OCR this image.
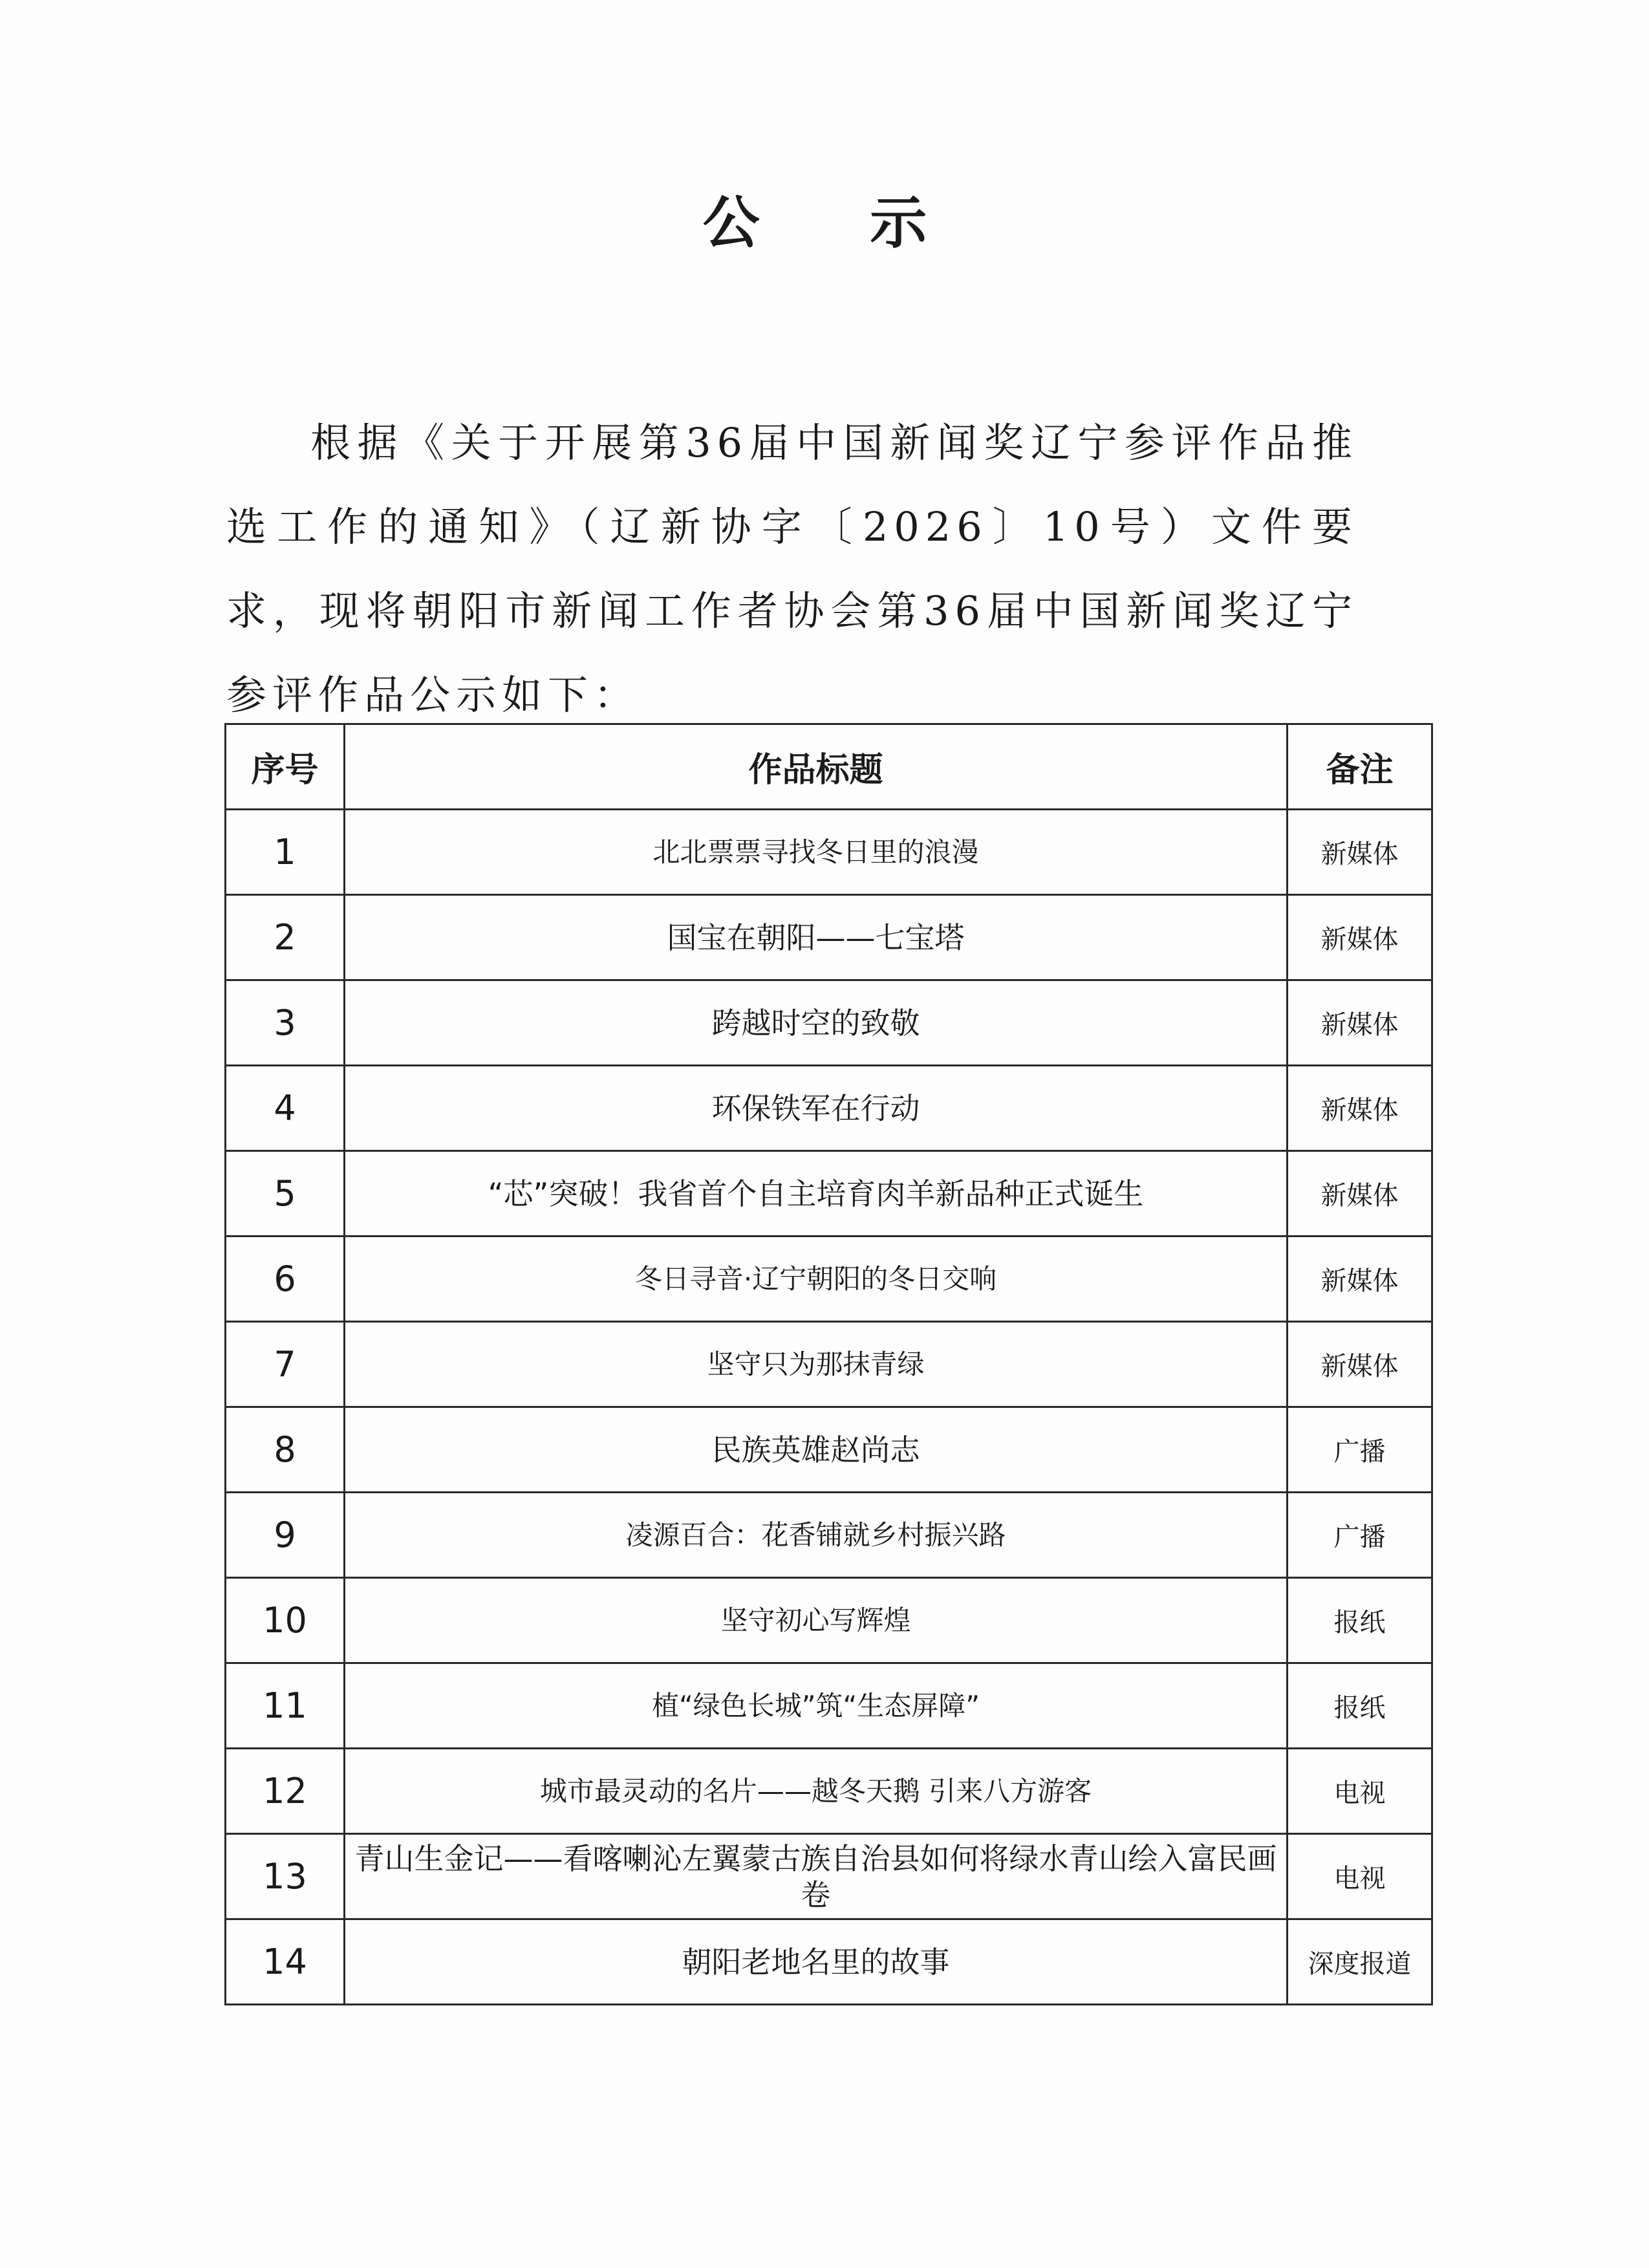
公 示

根据《关于开展第36届中国新闻奖辽宁参评作品推选工作的通知》（辽新协字〔2026〕10号）文件要求，现将朝阳市新闻工作者协会第36届中国新闻奖辽宁参评作品公示如下：

序号	作品标题	备注
1	北北票票寻找冬日里的浪漫	新媒体
2	国宝在朝阳——七宝塔	新媒体
3	跨越时空的致敬	新媒体
4	环保铁军在行动	新媒体
5	“芯”突破！我省首个自主培育肉羊新品种正式诞生	新媒体
6	冬日寻音·辽宁朝阳的冬日交响	新媒体
7	坚守只为那抹青绿	新媒体
8	民族英雄赵尚志	广播
9	凌源百合：花香铺就乡村振兴路	广播
10	坚守初心写辉煌	报纸
11	植“绿色长城”筑“生态屏障”	报纸
12	城市最灵动的名片——越冬天鹅 引来八方游客	电视
13	青山生金记——看喀喇沁左翼蒙古族自治县如何将绿水青山绘入富民画卷	电视
14	朝阳老地名里的故事	深度报道
